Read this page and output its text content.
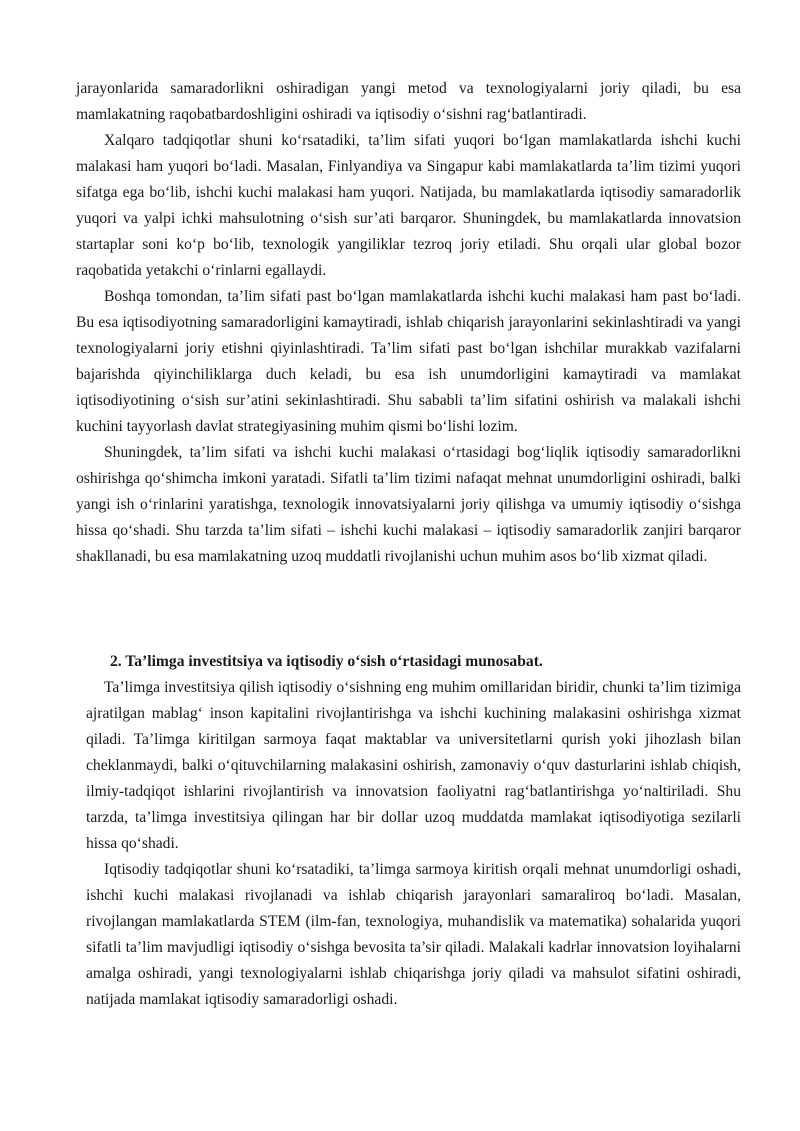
jarayonlarida samaradorlikni oshiradigan yangi metod va texnologiyalarni joriy qiladi, bu esa mamlakatning raqobatbardoshligini oshiradi va iqtisodiy o‘sishni rag‘batlantiradi.

Xalqaro tadqiqotlar shuni ko‘rsatadiki, ta’lim sifati yuqori bo‘lgan mamlakatlarda ishchi kuchi malakasi ham yuqori bo‘ladi. Masalan, Finlyandiya va Singapur kabi mamlakatlarda ta’lim tizimi yuqori sifatga ega bo‘lib, ishchi kuchi malakasi ham yuqori. Natijada, bu mamlakatlarda iqtisodiy samaradorlik yuqori va yalpi ichki mahsulotning o‘sish sur’ati barqaror. Shuningdek, bu mamlakatlarda innovatsion startaplar soni ko‘p bo‘lib, texnologik yangiliklar tezroq joriy etiladi. Shu orqali ular global bozor raqobatida yetakchi o‘rinlarni egallaydi.

Boshqa tomondan, ta’lim sifati past bo‘lgan mamlakatlarda ishchi kuchi malakasi ham past bo‘ladi. Bu esa iqtisodiyotning samaradorligini kamaytiradi, ishlab chiqarish jarayonlarini sekinlashtiradi va yangi texnologiyalarni joriy etishni qiyinlashtiradi. Ta’lim sifati past bo‘lgan ishchilar murakkab vazifalarni bajarishda qiyinchiliklarga duch keladi, bu esa ish unumdorligini kamaytiradi va mamlakat iqtisodiyotining o‘sish sur’atini sekinlashtiradi. Shu sababli ta’lim sifatini oshirish va malakali ishchi kuchini tayyorlash davlat strategiyasining muhim qismi bo‘lishi lozim.

Shuningdek, ta’lim sifati va ishchi kuchi malakasi o‘rtasidagi bog‘liqlik iqtisodiy samaradorlikni oshirishga qo‘shimcha imkoni yaratadi. Sifatli ta’lim tizimi nafaqat mehnat unumdorligini oshiradi, balki yangi ish o‘rinlarini yaratishga, texnologik innovatsiyalarni joriy qilishga va umumiy iqtisodiy o‘sishga hissa qo‘shadi. Shu tarzda ta’lim sifati – ishchi kuchi malakasi – iqtisodiy samaradorlik zanjiri barqaror shakllanadi, bu esa mamlakatning uzoq muddatli rivojlanishi uchun muhim asos bo‘lib xizmat qiladi.

2. Ta’limga investitsiya va iqtisodiy o‘sish o‘rtasidagi munosabat.

Ta’limga investitsiya qilish iqtisodiy o‘sishning eng muhim omillaridan biridir, chunki ta’lim tizimiga ajratilgan mablag‘ inson kapitalini rivojlantirishga va ishchi kuchining malakasini oshirishga xizmat qiladi. Ta’limga kiritilgan sarmoya faqat maktablar va universitetlarni qurish yoki jihozlash bilan cheklanmaydi, balki o‘qituvchilarning malakasini oshirish, zamonaviy o‘quv dasturlarini ishlab chiqish, ilmiy-tadqiqot ishlarini rivojlantirish va innovatsion faoliyatni rag‘batlantirishga yo‘naltiriladi. Shu tarzda, ta’limga investitsiya qilingan har bir dollar uzoq muddatda mamlakat iqtisodiyotiga sezilarli hissa qo‘shadi.

Iqtisodiy tadqiqotlar shuni ko‘rsatadiki, ta’limga sarmoya kiritish orqali mehnat unumdorligi oshadi, ishchi kuchi malakasi rivojlanadi va ishlab chiqarish jarayonlari samaraliroq bo‘ladi. Masalan, rivojlangan mamlakatlarda STEM (ilm-fan, texnologiya, muhandislik va matematika) sohalarida yuqori sifatli ta’lim mavjudligi iqtisodiy o‘sishga bevosita ta’sir qiladi. Malakali kadrlar innovatsion loyihalarni amalga oshiradi, yangi texnologiyalarni ishlab chiqarishga joriy qiladi va mahsulot sifatini oshiradi, natijada mamlakat iqtisodiy samaradorligi oshadi.
